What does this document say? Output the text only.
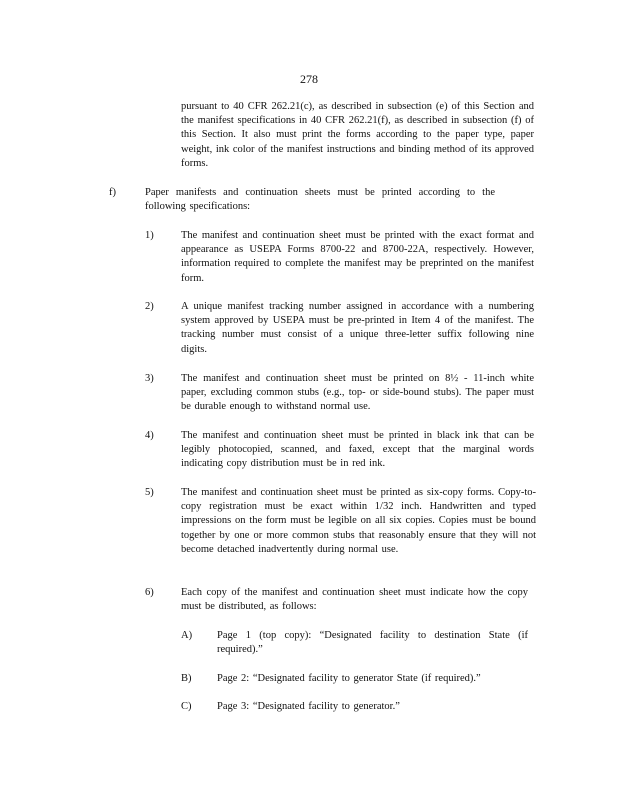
278

pursuant to 40 CFR 262.21(c), as described in subsection (e) of this Section and the manifest specifications in 40 CFR 262.21(f), as described in subsection (f) of this Section. It also must print the forms according to the paper type, paper weight, ink color of the manifest instructions and binding method of its approved forms.

f)	Paper manifests and continuation sheets must be printed according to the following specifications:

1)	The manifest and continuation sheet must be printed with the exact format and appearance as USEPA Forms 8700-22 and 8700-22A, respectively. However, information required to complete the manifest may be preprinted on the manifest form.

2)	A unique manifest tracking number assigned in accordance with a numbering system approved by USEPA must be pre-printed in Item 4 of the manifest. The tracking number must consist of a unique three-letter suffix following nine digits.

3)	The manifest and continuation sheet must be printed on 8½ - 11-inch white paper, excluding common stubs (e.g., top- or side-bound stubs). The paper must be durable enough to withstand normal use.

4)	The manifest and continuation sheet must be printed in black ink that can be legibly photocopied, scanned, and faxed, except that the marginal words indicating copy distribution must be in red ink.

5)	The manifest and continuation sheet must be printed as six-copy forms. Copy-to-copy registration must be exact within 1/32 inch. Handwritten and typed impressions on the form must be legible on all six copies. Copies must be bound together by one or more common stubs that reasonably ensure that they will not become detached inadvertently during normal use.

6)	Each copy of the manifest and continuation sheet must indicate how the copy must be distributed, as follows:

A) Page 1 (top copy): “Designated facility to destination State (if required).”

B) Page 2: “Designated facility to generator State (if required).”

C) Page 3: “Designated facility to generator.”
